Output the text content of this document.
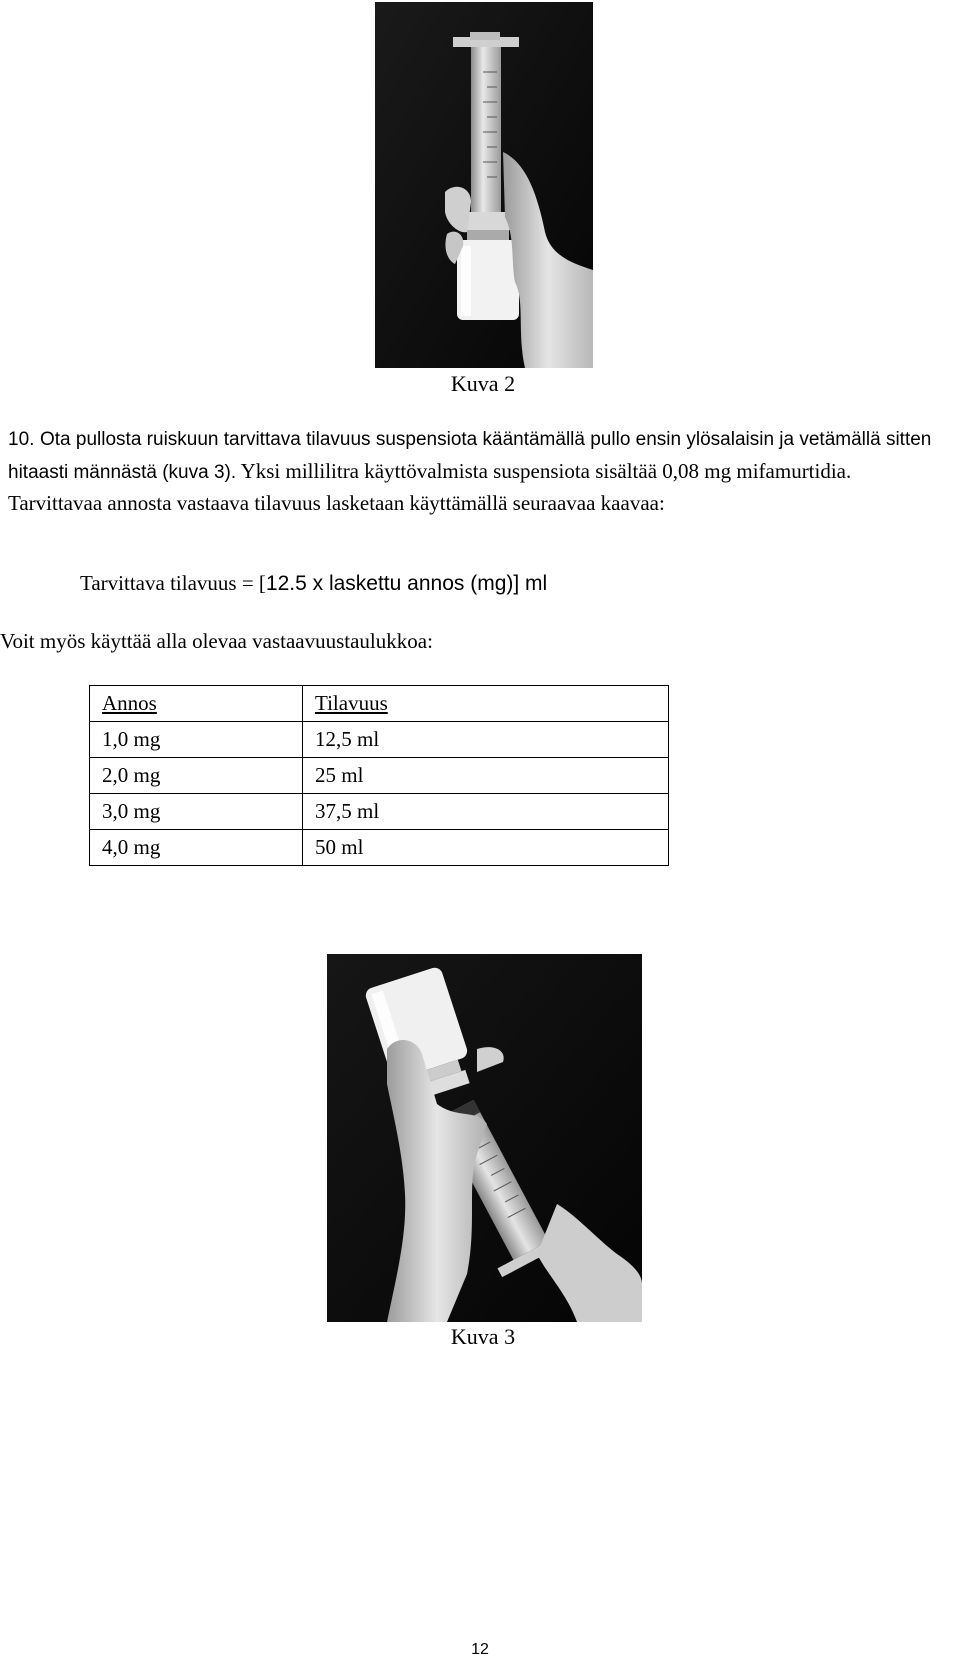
Kuva 2
10. Ota pullosta ruiskuun tarvittava tilavuus suspensiota kääntämällä pullo ensin ylösalaisin ja vetämällä sitten hitaasti männästä (kuva 3). Yksi millilitra käyttövalmista suspensiota sisältää 0,08 mg mifamurtidia. Tarvittavaa annosta vastaava tilavuus lasketaan käyttämällä seuraavaa kaavaa:
Tarvittava tilavuus = [12.5 x laskettu annos (mg)] ml
Voit myös käyttää alla olevaa vastaavuustaulukkoa:
Annos	Tilavuus
1,0 mg	12,5 ml
2,0 mg	25 ml
3,0 mg	37,5 ml
4,0 mg	50 ml
Kuva 3
12
